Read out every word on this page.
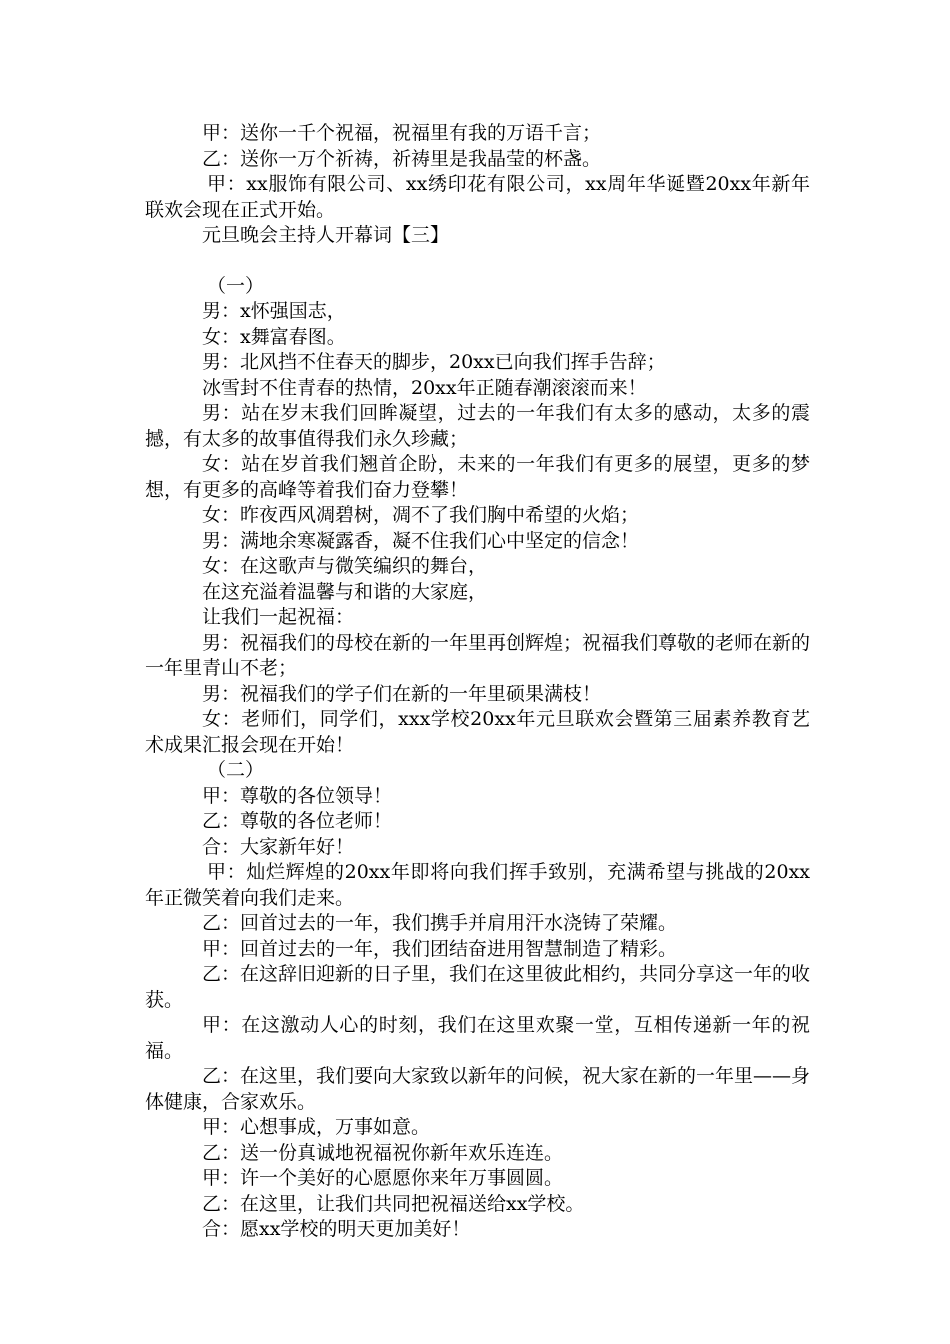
甲：送你一千个祝福，祝福里有我的万语千言；

乙：送你一万个祈祷，祈祷里是我晶莹的杯盏。

甲：xx服饰有限公司、xx绣印花有限公司，xx周年华诞暨20xx年新年联欢会现在正式开始。

元旦晚会主持人开幕词【三】

（一）

男：x怀强国志，

女：x舞富春图。

男：北风挡不住春天的脚步，20xx已向我们挥手告辞；

冰雪封不住青春的热情，20xx年正随春潮滚滚而来！

男：站在岁末我们回眸凝望，过去的一年我们有太多的感动，太多的震撼，有太多的故事值得我们永久珍藏；

女：站在岁首我们翘首企盼，未来的一年我们有更多的展望，更多的梦想，有更多的高峰等着我们奋力登攀！

女：昨夜西风凋碧树，凋不了我们胸中希望的火焰；

男：满地余寒凝露香，凝不住我们心中坚定的信念！

女：在这歌声与微笑编织的舞台，

在这充溢着温馨与和谐的大家庭，

让我们一起祝福：

男：祝福我们的母校在新的一年里再创辉煌；祝福我们尊敬的老师在新的一年里青山不老；

男：祝福我们的学子们在新的一年里硕果满枝！

女：老师们，同学们，xxx学校20xx年元旦联欢会暨第三届素养教育艺术成果汇报会现在开始！

（二）

甲：尊敬的各位领导！

乙：尊敬的各位老师！

合：大家新年好！

甲：灿烂辉煌的20xx年即将向我们挥手致别，充满希望与挑战的20xx年正微笑着向我们走来。

乙：回首过去的一年，我们携手并肩用汗水浇铸了荣耀。

甲：回首过去的一年，我们团结奋进用智慧制造了精彩。

乙：在这辞旧迎新的日子里，我们在这里彼此相约，共同分享这一年的收获。

甲：在这激动人心的时刻，我们在这里欢聚一堂，互相传递新一年的祝福。

乙：在这里，我们要向大家致以新年的问候，祝大家在新的一年里——身体健康，合家欢乐。

甲：心想事成，万事如意。

乙：送一份真诚地祝福祝你新年欢乐连连。

甲：许一个美好的心愿愿你来年万事圆圆。

乙：在这里，让我们共同把祝福送给xx学校。

合：愿xx学校的明天更加美好！
